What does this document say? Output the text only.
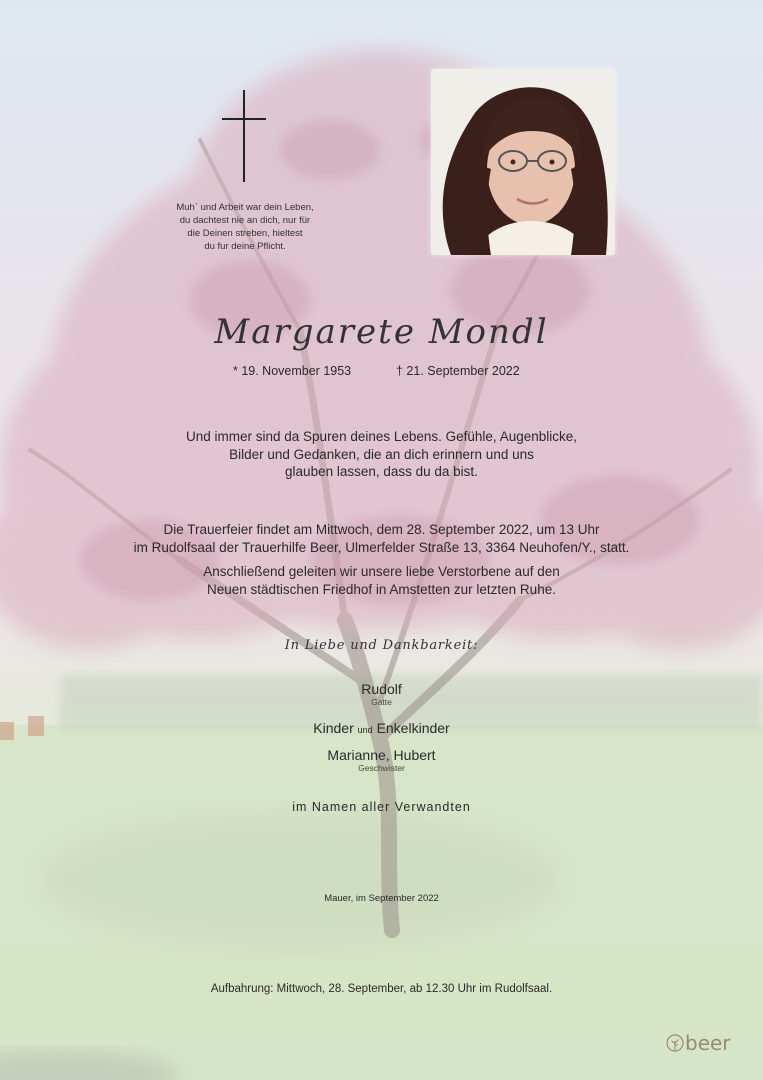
Muh` und Arbeit war dein Leben,
du dachtest nie an dich, nur für
die Deinen streben, hieltest
du fur deine Pflicht.
Margarete Mondl
* 19. November 1953	† 21. September 2022
Und immer sind da Spuren deines Lebens. Gefühle, Augenblicke,
Bilder und Gedanken, die an dich erinnern und uns
glauben lassen, dass du da bist.
Die Trauerfeier findet am Mittwoch, dem 28. September 2022, um 13 Uhr
im Rudolfsaal der Trauerhilfe Beer, Ulmerfelder Straße 13, 3364 Neuhofen/Y., statt.
Anschließend geleiten wir unsere liebe Verstorbene auf den
Neuen städtischen Friedhof in Amstetten zur letzten Ruhe.
In Liebe und Dankbarkeit:
Rudolf
Gatte
Kinder und Enkelkinder
Marianne, Hubert
Geschwister
im Namen aller Verwandten
Mauer, im September 2022
Aufbahrung: Mittwoch, 28. September, ab 12.30 Uhr im Rudolfsaal.
beer
